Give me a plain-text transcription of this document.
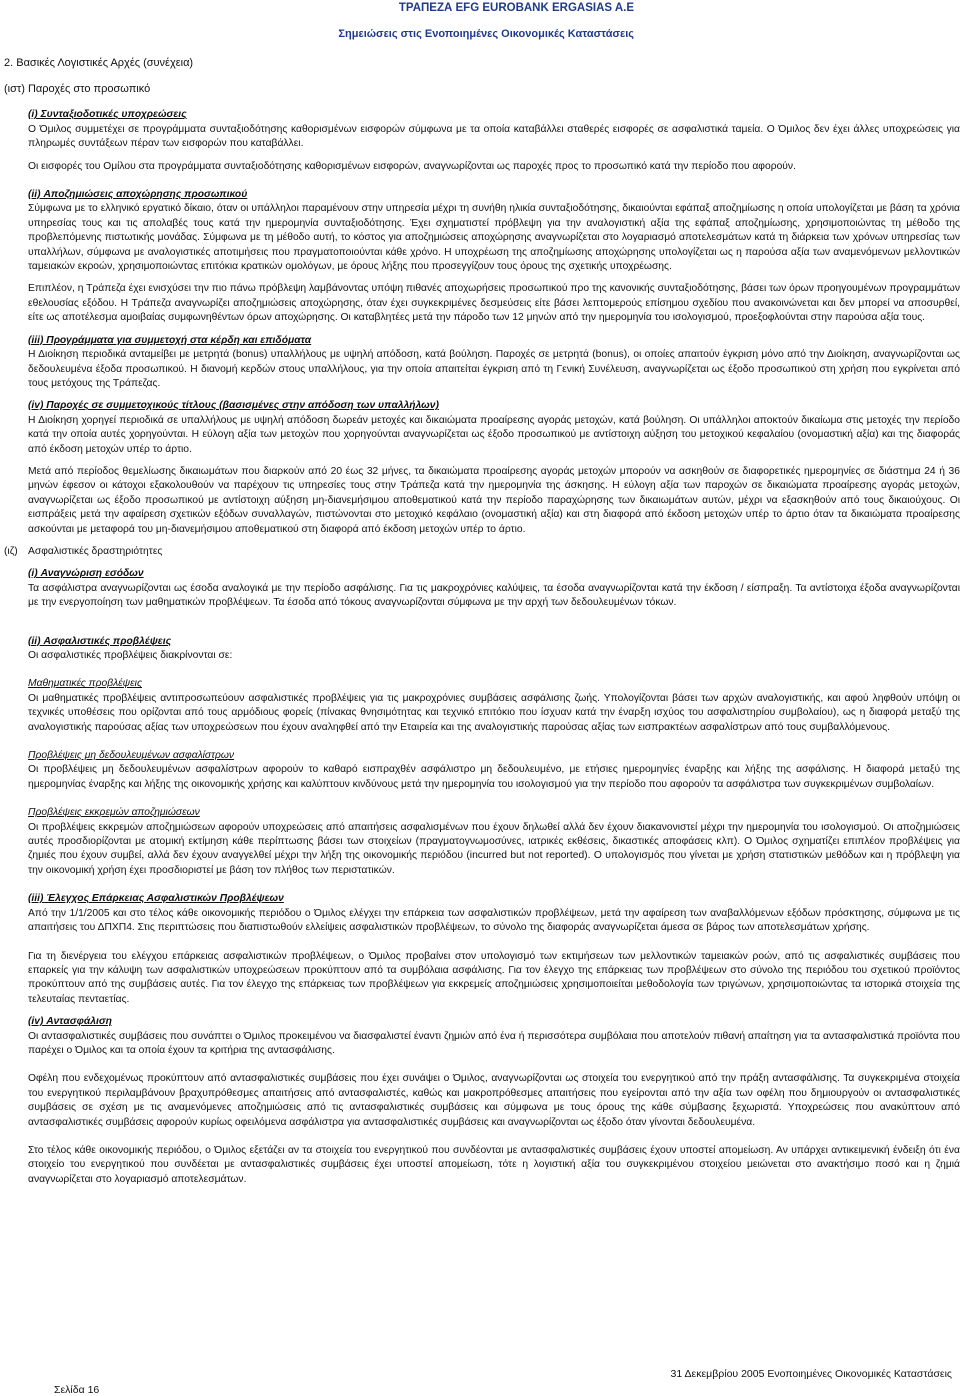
ΤΡΑΠΕΖΑ EFG EUROBANK ERGASIAS A.E
Σημειώσεις στις Ενοποιημένες Οικονομικές Καταστάσεις
2. Βασικές Λογιστικές Αρχές (συνέχεια)
(ιστ) Παροχές στο προσωπικό
(i) Συνταξιοδοτικές υποχρεώσεις
Ο Όμιλος συμμετέχει σε προγράμματα συνταξιοδότησης καθορισμένων εισφορών σύμφωνα με τα οποία καταβάλλει σταθερές εισφορές σε ασφαλιστικά ταμεία. Ο Όμιλος δεν έχει άλλες υποχρεώσεις για πληρωμές συντάξεων πέραν των εισφορών που καταβάλλει.
Οι εισφορές του Ομίλου στα προγράμματα συνταξιοδότησης καθορισμένων εισφορών, αναγνωρίζονται ως παροχές προς το προσωπικό κατά την περίοδο που αφορούν.
(ii) Αποζημιώσεις αποχώρησης προσωπικού
Σύμφωνα με το ελληνικό εργατικό δίκαιο, όταν οι υπάλληλοι παραμένουν στην υπηρεσία μέχρι τη συνήθη ηλικία συνταξιοδότησης, δικαιούνται εφάπαξ αποζημίωσης η οποία υπολογίζεται με βάση τα χρόνια υπηρεσίας τους και τις απολαβές τους κατά την ημερομηνία συνταξιοδότησης. Έχει σχηματιστεί πρόβλεψη για την αναλογιστική αξία της εφάπαξ αποζημίωσης, χρησιμοποιώντας τη μέθοδο της προβλεπόμενης πιστωτικής μονάδας. Σύμφωνα με τη μέθοδο αυτή, το κόστος για αποζημιώσεις αποχώρησης αναγνωρίζεται στο λογαριασμό αποτελεσμάτων κατά τη διάρκεια των χρόνων υπηρεσίας των υπαλλήλων, σύμφωνα με αναλογιστικές αποτιμήσεις που πραγματοποιούνται κάθε χρόνο. Η υποχρέωση της αποζημίωσης αποχώρησης υπολογίζεται ως η παρούσα αξία των αναμενόμενων μελλοντικών ταμειακών εκροών, χρησιμοποιώντας επιτόκια κρατικών ομολόγων, με όρους λήξης που προσεγγίζουν τους όρους της σχετικής υποχρέωσης.
Επιπλέον, η Τράπεζα έχει ενισχύσει την πιο πάνω πρόβλεψη λαμβάνοντας υπόψη πιθανές αποχωρήσεις προσωπικού προ της κανονικής συνταξιοδότησης, βάσει των όρων προηγουμένων προγραμμάτων εθελουσίας εξόδου. Η Τράπεζα αναγνωρίζει αποζημιώσεις αποχώρησης, όταν έχει συγκεκριμένες δεσμεύσεις είτε βάσει λεπτομερούς επίσημου σχεδίου που ανακοινώνεται και δεν μπορεί να αποσυρθεί, είτε ως αποτέλεσμα αμοιβαίας συμφωνηθέντων όρων αποχώρησης. Οι καταβλητέες μετά την πάροδο των 12 μηνών από την ημερομηνία του ισολογισμού, προεξοφλούνται στην παρούσα αξία τους.
(iii) Προγράμματα για συμμετοχή στα κέρδη και επιδόματα
Η Διοίκηση περιοδικά ανταμείβει με μετρητά (bonus) υπαλλήλους με υψηλή απόδοση, κατά βούληση. Παροχές σε μετρητά (bonus), οι οποίες απαιτούν έγκριση μόνο από την Διοίκηση, αναγνωρίζονται ως δεδουλευμένα έξοδα προσωπικού. Η διανομή κερδών στους υπαλλήλους, για την οποία απαιτείται έγκριση από τη Γενική Συνέλευση, αναγνωρίζεται ως έξοδο προσωπικού στη χρήση που εγκρίνεται από τους μετόχους της Τράπεζας.
(iv) Παροχές σε συμμετοχικούς τίτλους (βασισμένες στην απόδοση των υπαλλήλων)
Η Διοίκηση χορηγεί περιοδικά σε υπαλλήλους με υψηλή απόδοση δωρεάν μετοχές και δικαιώματα προαίρεσης αγοράς μετοχών, κατά βούληση. Οι υπάλληλοι αποκτούν δικαίωμα στις μετοχές την περίοδο κατά την οποία αυτές χορηγούνται. Η εύλογη αξία των μετοχών που χορηγούνται αναγνωρίζεται ως έξοδο προσωπικού με αντίστοιχη αύξηση του μετοχικού κεφαλαίου (ονομαστική αξία) και της διαφοράς από έκδοση μετοχών υπέρ το άρτιο.
Μετά από περίοδος θεμελίωσης δικαιωμάτων που διαρκούν από 20 έως 32 μήνες, τα δικαιώματα προαίρεσης αγοράς μετοχών μπορούν να ασκηθούν σε διαφορετικές ημερομηνίες σε διάστημα 24 ή 36 μηνών έφεσον οι κάτοχοι εξακολουθούν να παρέχουν τις υπηρεσίες τους στην Τράπεζα κατά την ημερομηνία της άσκησης. Η εύλογη αξία των παροχών σε δικαιώματα προαίρεσης αγοράς μετοχών, αναγνωρίζεται ως έξοδο προσωπικού με αντίστοιχη αύξηση μη-διανεμήσιμου αποθεματικού κατά την περίοδο παραχώρησης των δικαιωμάτων αυτών, μέχρι να εξασκηθούν από τους δικαιούχους. Οι εισπράξεις μετά την αφαίρεση σχετικών εξόδων συναλλαγών, πιστώνονται στο μετοχικό κεφάλαιο (ονομαστική αξία) και στη διαφορά από έκδοση μετοχών υπέρ το άρτιο όταν τα δικαιώματα προαίρεσης ασκούνται με μεταφορά του μη-διανεμήσιμου αποθεματικού στη διαφορά από έκδοση μετοχών υπέρ το άρτιο.
(ιζ) Ασφαλιστικές δραστηριότητες
(i) Αναγνώριση εσόδων
Τα ασφάλιστρα αναγνωρίζονται ως έσοδα αναλογικά με την περίοδο ασφάλισης. Για τις μακροχρόνιες καλύψεις, τα έσοδα αναγνωρίζονται κατά την έκδοση / είσπραξη. Τα αντίστοιχα έξοδα αναγνωρίζονται με την ενεργοποίηση των μαθηματικών προβλέψεων. Τα έσοδα από τόκους αναγνωρίζονται σύμφωνα με την αρχή των δεδουλευμένων τόκων.
(ii) Ασφαλιστικές προβλέψεις
Οι ασφαλιστικές προβλέψεις διακρίνονται σε:
Μαθηματικές προβλέψεις
Οι μαθηματικές προβλέψεις αντιπροσωπεύουν ασφαλιστικές προβλέψεις για τις μακροχρόνιες συμβάσεις ασφάλισης ζωής. Υπολογίζονται βάσει των αρχών αναλογιστικής, και αφού ληφθούν υπόψη οι τεχνικές υποθέσεις που ορίζονται από τους αρμόδιους φορείς (πίνακας θνησιμότητας και τεχνικό επιτόκιο που ίσχυαν κατά την έναρξη ισχύος του ασφαλιστηρίου συμβολαίου), ως η διαφορά μεταξύ της αναλογιστικής παρούσας αξίας των υποχρεώσεων που έχουν αναληφθεί από την Εταιρεία και της αναλογιστικής παρούσας αξίας των εισπρακτέων ασφαλίστρων από τους συμβαλλόμενους.
Προβλέψεις μη δεδουλευμένων ασφαλίστρων
Οι προβλέψεις μη δεδουλευμένων ασφαλίστρων αφορούν το καθαρό εισπραχθέν ασφάλιστρο μη δεδουλευμένο, με ετήσιες ημερομηνίες έναρξης και λήξης της ασφάλισης. Η διαφορά μεταξύ της ημερομηνίας έναρξης και λήξης της οικονομικής χρήσης και καλύπτουν κινδύνους μετά την ημερομηνία του ισολογισμού για την περίοδο που αφορούν τα ασφάλιστρα των συγκεκριμένων συμβολαίων.
Προβλέψεις εκκρεμών αποζημιώσεων
Οι προβλέψεις εκκρεμών αποζημιώσεων αφορούν υποχρεώσεις από απαιτήσεις ασφαλισμένων που έχουν δηλωθεί αλλά δεν έχουν διακανονιστεί μέχρι την ημερομηνία του ισολογισμού. Οι αποζημιώσεις αυτές προσδιορίζονται με ατομική εκτίμηση κάθε περίπτωσης βάσει των στοιχείων (πραγματογνωμοσύνες, ιατρικές εκθέσεις, δικαστικές αποφάσεις κλπ). Ο Όμιλος σχηματίζει επιπλέον προβλέψεις για ζημιές που έχουν συμβεί, αλλά δεν έχουν αναγγελθεί μέχρι την λήξη της οικονομικής περιόδου (incurred but not reported). Ο υπολογισμός που γίνεται με χρήση στατιστικών μεθόδων και η πρόβλεψη για την οικονομική χρήση έχει προσδιοριστεί με βάση τον πλήθος των περιστατικών.
(iii) Έλεγχος Επάρκειας Ασφαλιστικών Προβλέψεων
Από την 1/1/2005 και στο τέλος κάθε οικονομικής περιόδου ο Όμιλος ελέγχει την επάρκεια των ασφαλιστικών προβλέψεων, μετά την αφαίρεση των αναβαλλόμενων εξόδων πρόσκτησης, σύμφωνα με τις απαιτήσεις του ΔΠΧΠ4. Στις περιπτώσεις που διαπιστωθούν ελλείψεις ασφαλιστικών προβλέψεων, το σύνολο της διαφοράς αναγνωρίζεται άμεσα σε βάρος των αποτελεσμάτων χρήσης.
Για τη διενέργεια του ελέγχου επάρκειας ασφαλιστικών προβλέψεων, ο Όμιλος προβαίνει στον υπολογισμό των εκτιμήσεων των μελλοντικών ταμειακών ροών, από τις ασφαλιστικές συμβάσεις που επαρκείς για την κάλυψη των ασφαλιστικών υποχρεώσεων προκύπτουν από τα συμβόλαια ασφάλισης. Για τον έλεγχο της επάρκειας των προβλέψεων στο σύνολο της περιόδου του σχετικού προϊόντος προκύπτουν από της συμβάσεις αυτές. Για τον έλεγχο της επάρκειας των προβλέψεων για εκκρεμείς αποζημιώσεις χρησιμοποιείται μεθοδολογία των τριγώνων, χρησιμοποιώντας τα ιστορικά στοιχεία της τελευταίας πενταετίας.
(iv) Αντασφάλιση
Οι αντασφαλιστικές συμβάσεις που συνάπτει ο Όμιλος προκειμένου να διασφαλιστεί έναντι ζημιών από ένα ή περισσότερα συμβόλαια που αποτελούν πιθανή απαίτηση για τα αντασφαλιστικά προϊόντα που παρέχει ο Όμιλος και τα οποία έχουν τα κριτήρια της αντασφάλισης.
Οφέλη που ενδεχομένως προκύπτουν από αντασφαλιστικές συμβάσεις που έχει συνάψει ο Όμιλος, αναγνωρίζονται ως στοιχεία του ενεργητικού από την πράξη αντασφάλισης. Τα συγκεκριμένα στοιχεία του ενεργητικού περιλαμβάνουν βραχυπρόθεσμες απαιτήσεις από αντασφαλιστές, καθώς και μακροπρόθεσμες απαιτήσεις που εγείρονται από την αξία των οφέλη που δημιουργούν οι αντασφαλιστικές συμβάσεις σε σχέση με τις αναμενόμενες αποζημιώσεις από τις αντασφαλιστικές συμβάσεις και σύμφωνα με τους όρους της κάθε σύμβασης ξεχωριστά. Υποχρεώσεις που ανακύπτουν από αντασφαλιστικές συμβάσεις αφορούν κυρίως οφειλόμενα ασφάλιστρα για αντασφαλιστικές συμβάσεις και αναγνωρίζονται ως έξοδο όταν γίνονται δεδουλευμένα.
Στο τέλος κάθε οικονομικής περιόδου, ο Όμιλος εξετάζει αν τα στοιχεία του ενεργητικού που συνδέονται με αντασφαλιστικές συμβάσεις έχουν υποστεί απομείωση. Αν υπάρχει αντικειμενική ένδειξη ότι ένα στοιχείο του ενεργητικού που συνδέεται με αντασφαλιστικές συμβάσεις έχει υποστεί απομείωση, τότε η λογιστική αξία του συγκεκριμένου στοιχείου μειώνεται στο ανακτήσιμο ποσό και η ζημιά αναγνωρίζεται στο λογαριασμό αποτελεσμάτων.
31 Δεκεμβρίου 2005 Ενοποιημένες Οικονομικές Καταστάσεις
Σελίδα 16
